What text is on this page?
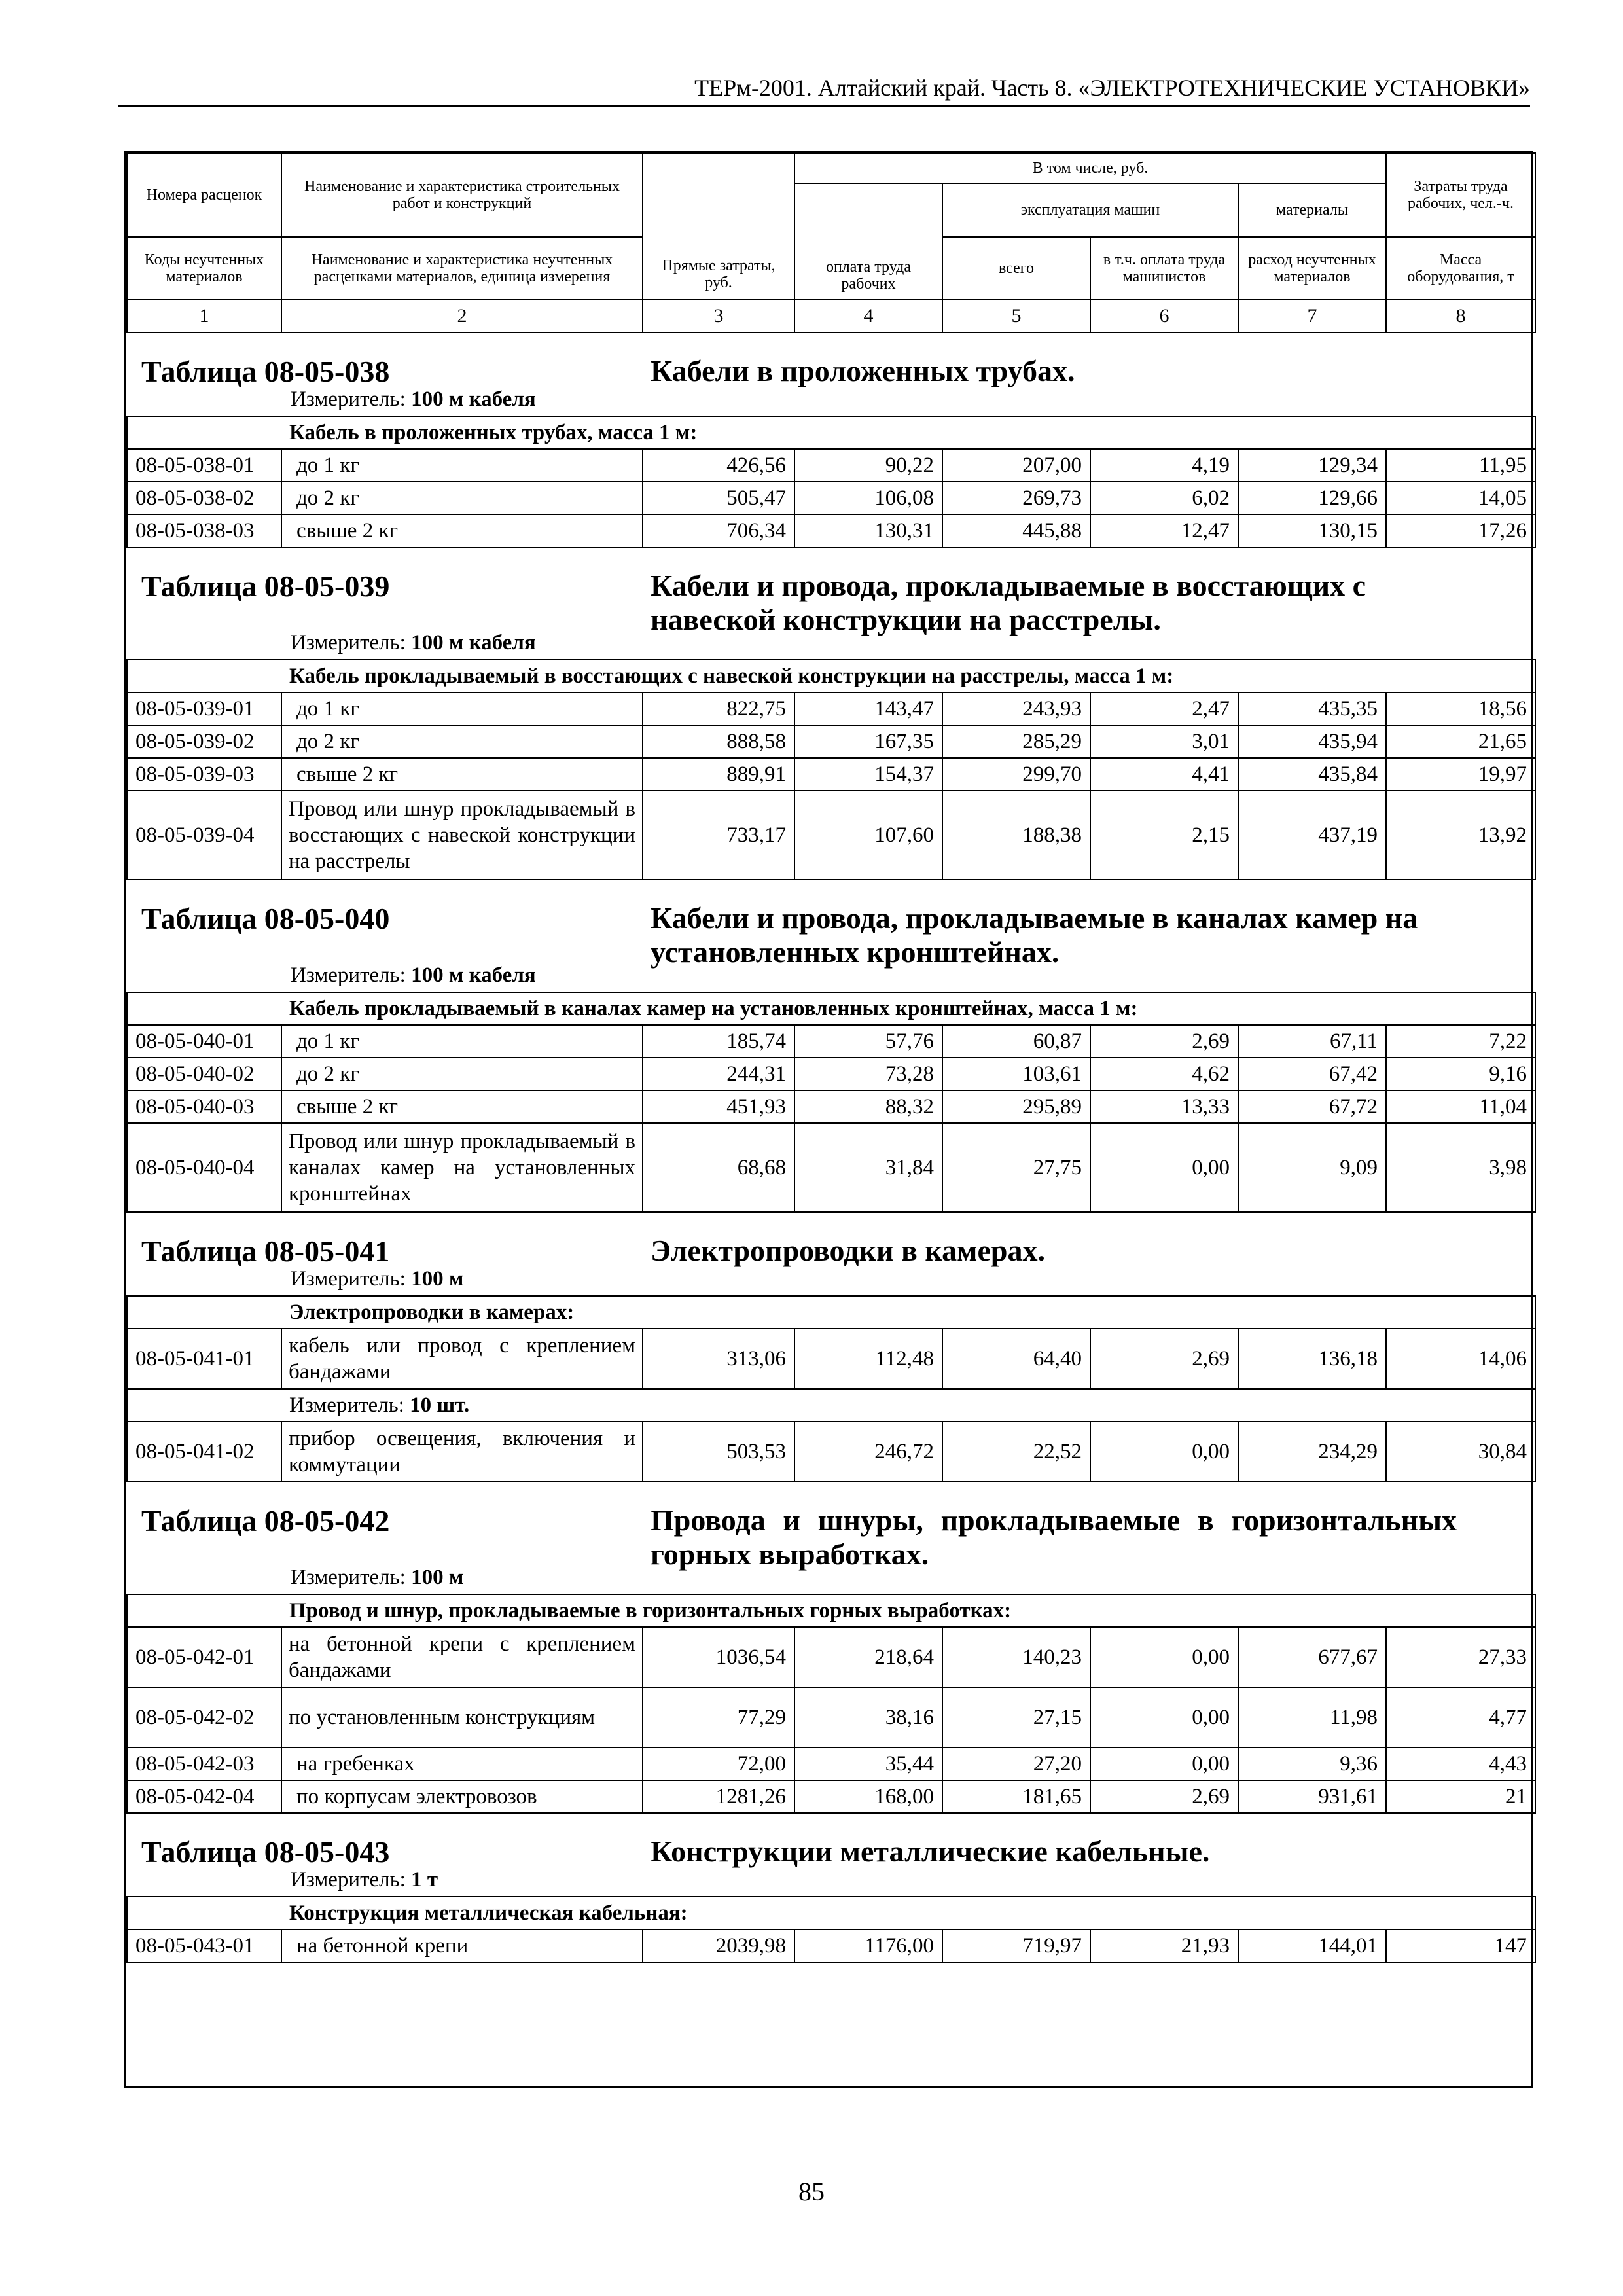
ТЕРм-2001. Алтайский край. Часть 8. «ЭЛЕКТРОТЕХНИЧЕСКИЕ УСТАНОВКИ»
Номера расценок	Наименование и характеристика строительных работ и конструкций	Прямые затраты, руб.	В том числе, руб.				Затраты труда рабочих, чел.-ч.
			оплата труда рабочих	эксплуатация машин		материалы	
Коды неучтенных материалов	Наименование и характеристика неучтенных расценками материалов, единица измерения			всего	в т.ч. оплата труда машинистов	расход неучтенных материалов	Масса оборудования, т
1	2	3	4	5	6	7	8

Таблица 08-05-038 Кабели в проложенных трубах.
Измеритель: 100 м кабеля							

	Кабель в проложенных трубах, масса 1 м:						
08-05-038-01	до 1 кг	426,56	90,22	207,00	4,19	129,34	11,95
08-05-038-02	до 2 кг	505,47	106,08	269,73	6,02	129,66	14,05
08-05-038-03	свыше 2 кг	706,34	130,31	445,88	12,47	130,15	17,26

Таблица 08-05-039 Кабели и провода, прокладываемые в восстающих с навеской конструкции на расстрелы.
Измеритель: 100 м кабеля							

	Кабель прокладываемый в восстающих с навеской конструкции на расстрелы, масса 1 м:						
08-05-039-01	до 1 кг	822,75	143,47	243,93	2,47	435,35	18,56
08-05-039-02	до 2 кг	888,58	167,35	285,29	3,01	435,94	21,65
08-05-039-03	свыше 2 кг	889,91	154,37	299,70	4,41	435,84	19,97
08-05-039-04	Провод или шнур прокладываемый в восстающих с навеской конструкции на расстрелы	733,17	107,60	188,38	2,15	437,19	13,92

Таблица 08-05-040 Кабели и провода, прокладываемые в каналах камер на установленных кронштейнах.
Измеритель: 100 м кабеля							

	Кабель прокладываемый в каналах камер на установленных кронштейнах, масса 1 м:						
08-05-040-01	до 1 кг	185,74	57,76	60,87	2,69	67,11	7,22
08-05-040-02	до 2 кг	244,31	73,28	103,61	4,62	67,42	9,16
08-05-040-03	свыше 2 кг	451,93	88,32	295,89	13,33	67,72	11,04
08-05-040-04	Провод или шнур прокладываемый в каналах камер на установленных кронштейнах	68,68	31,84	27,75	0,00	9,09	3,98

Таблица 08-05-041 Электропроводки в камерах.
Измеритель: 100 м							

	Электропроводки в камерах:						
08-05-041-01	кабель или провод с креплением бандажами	313,06	112,48	64,40	2,69	136,18	14,06
	Измеритель: 10 шт.						
08-05-041-02	прибор освещения, включения и коммутации	503,53	246,72	22,52	0,00	234,29	30,84

Таблица 08-05-042 Провода и шнуры, прокладываемые в горизонтальных горных выработках.
Измеритель: 100 м							

	Провод и шнур, прокладываемые в горизонтальных горных выработках:						
08-05-042-01	на бетонной крепи с креплением бандажами	1036,54	218,64	140,23	0,00	677,67	27,33
08-05-042-02	по установленным конструкциям	77,29	38,16	27,15	0,00	11,98	4,77
08-05-042-03	на гребенках	72,00	35,44	27,20	0,00	9,36	4,43
08-05-042-04	по корпусам электровозов	1281,26	168,00	181,65	2,69	931,61	21

Таблица 08-05-043 Конструкции металлические кабельные.
Измеритель: 1 т							

	Конструкция металлическая кабельная:						
08-05-043-01	на бетонной крепи	2039,98	1176,00	719,97	21,93	144,01	147
85
